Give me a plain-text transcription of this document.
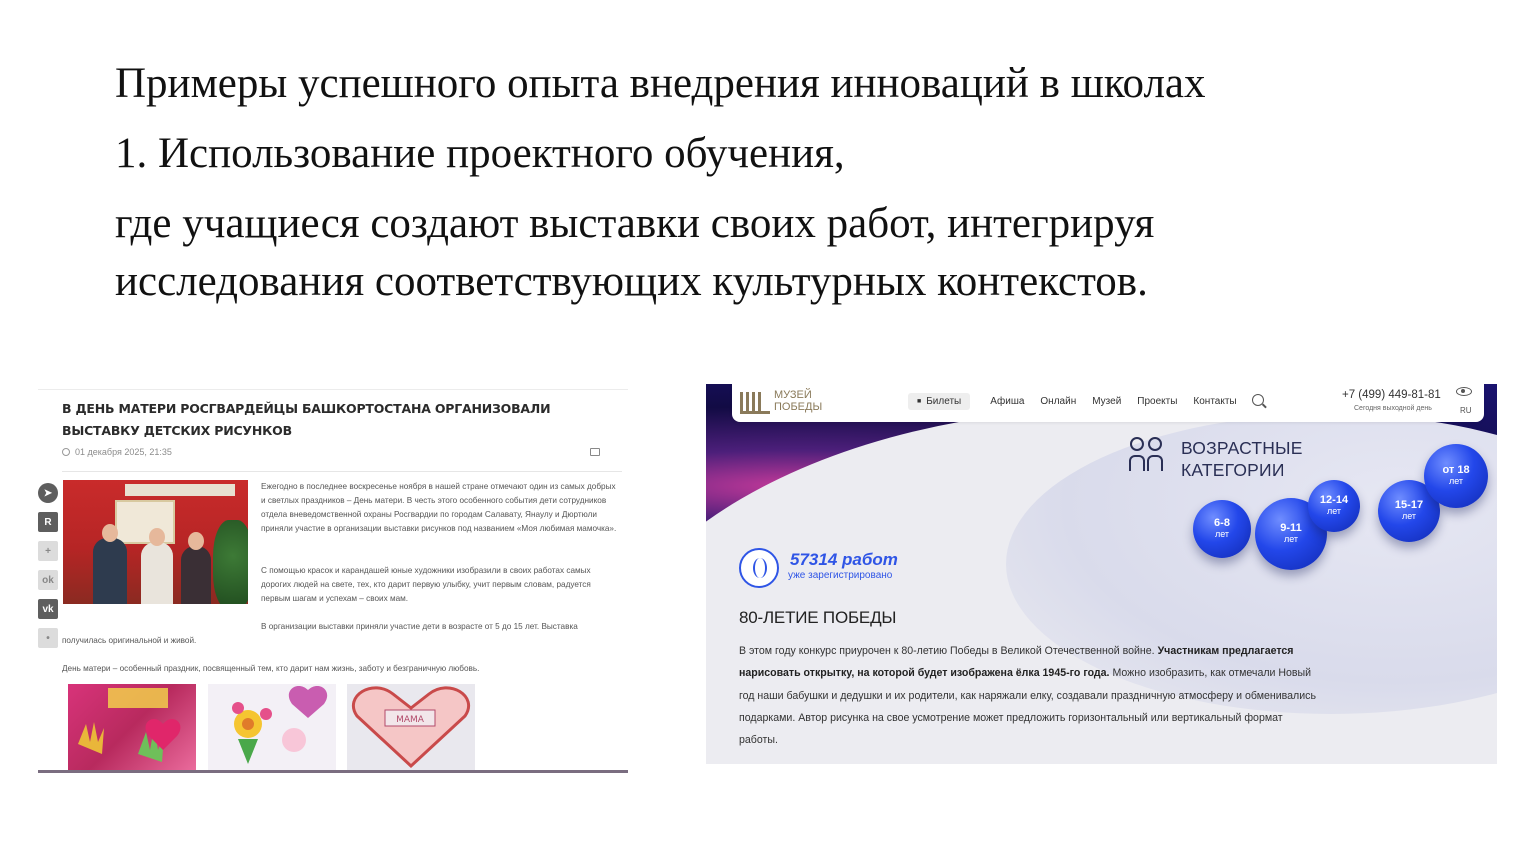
Примеры успешного опыта внедрения инноваций в школах
1. Использование проектного обучения,
где учащиеся создают выставки своих работ, интегрируя
исследования соответствующих культурных контекстов.
В ДЕНЬ МАТЕРИ РОСГВАРДЕЙЦЫ БАШКОРТОСТАНА ОРГАНИЗОВАЛИ ВЫСТАВКУ ДЕТСКИХ РИСУНКОВ
01 декабря 2025, 21:35
➤
R
+
ok
vk
•
Ежегодно в последнее воскресенье ноября в нашей стране отмечают один из самых добрых и светлых праздников – День матери. В честь этого особенного события дети сотрудников отдела вневедомственной охраны Росгвардии по городам Салавату, Янаулу и Дюртюли приняли участие в организации выставки рисунков под названием «Моя любимая мамочка».
С помощью красок и карандашей юные художники изобразили в своих работах самых дорогих людей на свете, тех, кто дарит первую улыбку, учит первым словам, радуется первым шагам и успехам – своих мам.
В организации выставки приняли участие дети в возрасте от 5 до 15 лет. Выставка
получилась оригинальной и живой.
День матери – особенный праздник, посвященный тем, кто дарит нам жизнь, заботу и безграничную любовь.
МАМА
МУЗЕЙ ПОБЕДЫ
■	Билеты	Афиша Онлайн Музей Проекты Контакты
+7 (499) 449-81-81
Сегодня выходной день	RU
ВОЗРАСТНЫЕ
КАТЕГОРИИ
6-8
лет	9-11
лет
12-14
лет	15-17
лет
от 18
лет
57314 работ
уже зарегистрировано
80-ЛЕТИЕ ПОБЕДЫ
В этом году конкурс приурочен к 80-летию Победы в Великой Отечественной войне. Участникам предлагается нарисовать открытку, на которой будет изображена ёлка 1945-го года. Можно изобразить, как отмечали Новый год наши бабушки и дедушки и их родители, как наряжали елку, создавали праздничную атмосферу и обменивались подарками. Автор рисунка на свое усмотрение может предложить горизонтальный или вертикальный формат работы.
